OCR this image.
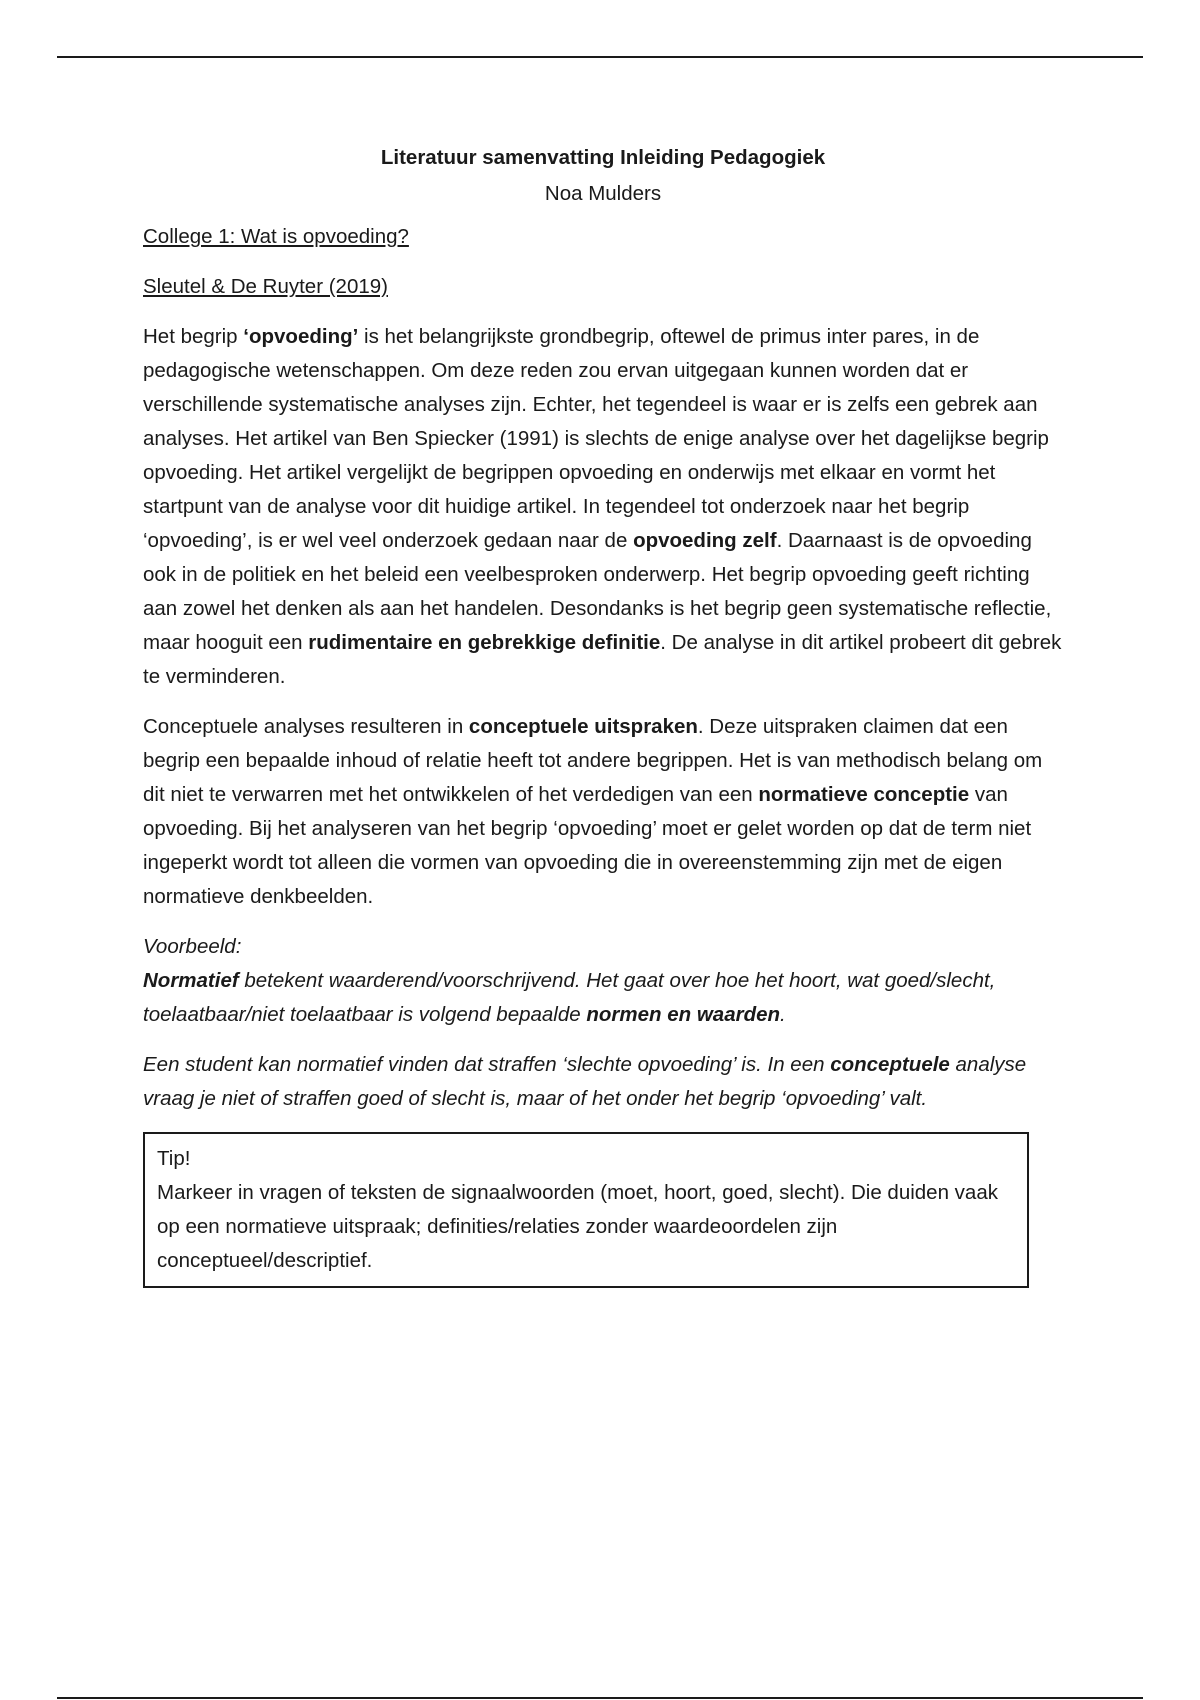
Literatuur samenvatting Inleiding Pedagogiek
Noa Mulders
College 1: Wat is opvoeding?
Sleutel & De Ruyter (2019)

Het begrip ‘opvoeding’ is het belangrijkste grondbegrip, oftewel de primus inter pares, in de pedagogische wetenschappen. Om deze reden zou ervan uitgegaan kunnen worden dat er verschillende systematische analyses zijn. Echter, het tegendeel is waar er is zelfs een gebrek aan analyses. Het artikel van Ben Spiecker (1991) is slechts de enige analyse over het dagelijkse begrip opvoeding. Het artikel vergelijkt de begrippen opvoeding en onderwijs met elkaar en vormt het startpunt van de analyse voor dit huidige artikel. In tegendeel tot onderzoek naar het begrip ‘opvoeding’, is er wel veel onderzoek gedaan naar de opvoeding zelf. Daarnaast is de opvoeding ook in de politiek en het beleid een veelbesproken onderwerp. Het begrip opvoeding geeft richting aan zowel het denken als aan het handelen. Desondanks is het begrip geen systematische reflectie, maar hooguit een rudimentaire en gebrekkige definitie. De analyse in dit artikel probeert dit gebrek te verminderen.

Conceptuele analyses resulteren in conceptuele uitspraken. Deze uitspraken claimen dat een begrip een bepaalde inhoud of relatie heeft tot andere begrippen. Het is van methodisch belang om dit niet te verwarren met het ontwikkelen of het verdedigen van een normatieve conceptie van opvoeding. Bij het analyseren van het begrip ‘opvoeding’ moet er gelet worden op dat de term niet ingeperkt wordt tot alleen die vormen van opvoeding die in overeenstemming zijn met de eigen normatieve denkbeelden.

Voorbeeld:
Normatief betekent waarderend/voorschrijvend. Het gaat over hoe het hoort, wat goed/slecht, toelaatbaar/niet toelaatbaar is volgend bepaalde normen en waarden.

Een student kan normatief vinden dat straffen ‘slechte opvoeding’ is. In een conceptuele analyse vraag je niet of straffen goed of slecht is, maar of het onder het begrip ‘opvoeding’ valt.

Tip!
Markeer in vragen of teksten de signaalwoorden (moet, hoort, goed, slecht). Die duiden vaak op een normatieve uitspraak; definities/relaties zonder waardeoordelen zijn conceptueel/descriptief.
